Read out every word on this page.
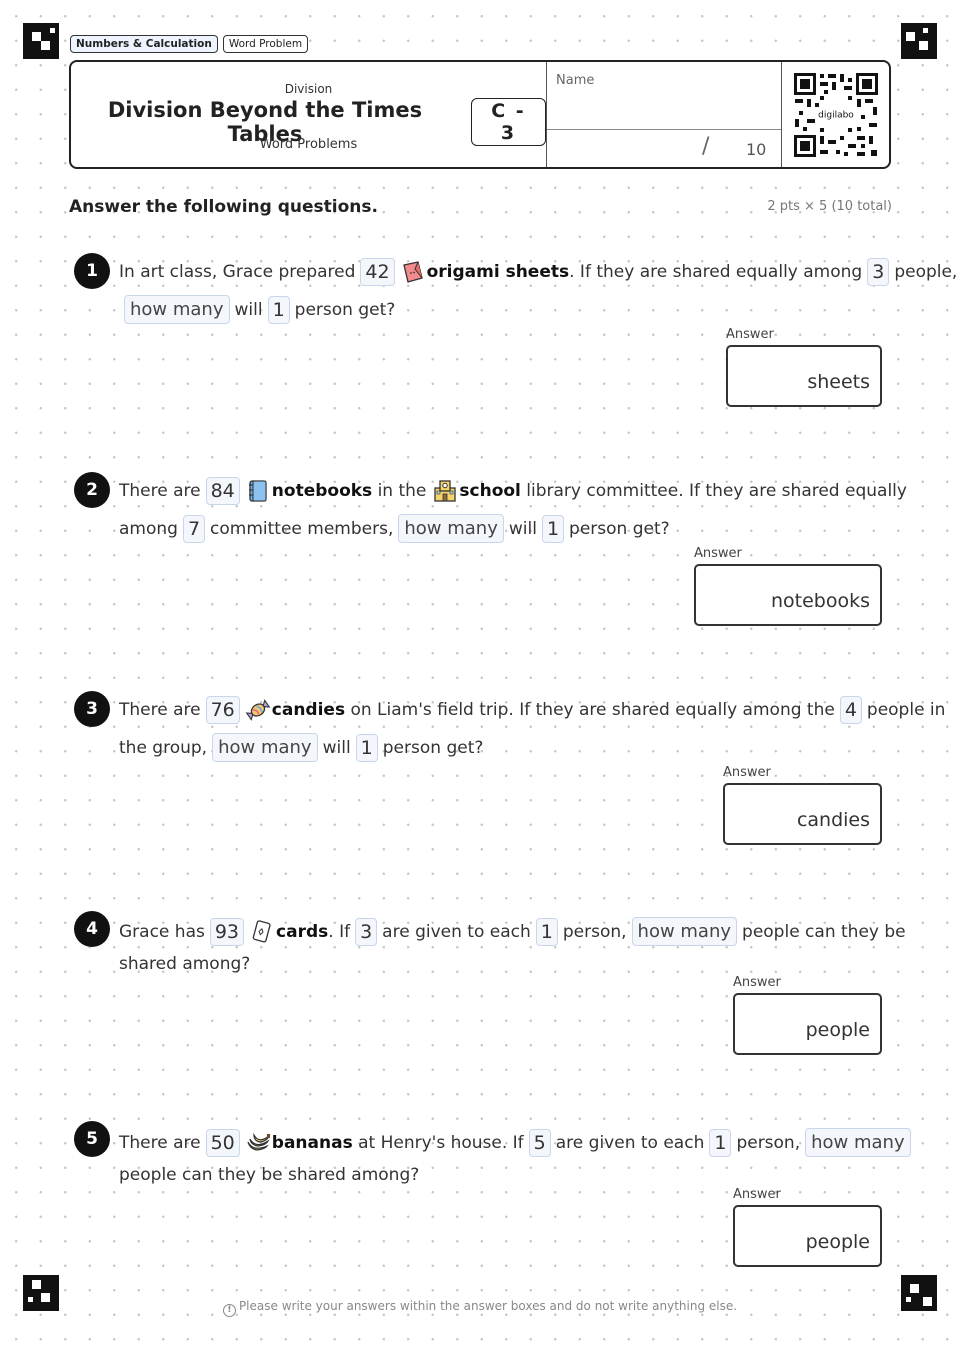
Numbers & Calculation	Word Problem
Division
Division Beyond the Times Tables
C - 3
Word Problems
Name
/ 10
digilabo
Answer the following questions.	2 pts × 5 (10 total)
1	In art class, Grace prepared 42 origami sheets . If they are shared equally among 3 people,
how many will 1 person get?
Answer
sheets
2	There are 84 notebooks in the school library committee. If they are shared equally
among 7 committee members, how many will 1 person get?
Answer
notebooks
3	There are 76 candies on Liam's field trip. If they are shared equally among the 4 people in
the group, how many will 1 person get?
Answer
candies
4	Grace has 93 cards . If 3 are given to each 1 person, how many people can they be
shared among?
Answer
people
5	There are 50 bananas at Henry's house. If 5 are given to each 1 person, how many
people can they be shared among?
Answer
people
! Please write your answers within the answer boxes and do not write anything else.
